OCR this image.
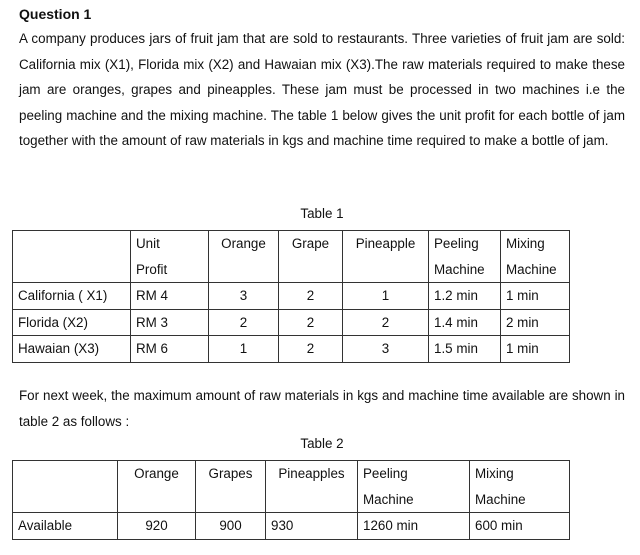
Question 1

A company produces jars of fruit jam that are sold to restaurants. Three varieties of fruit jam are sold: California mix (X1), Florida mix (X2) and Hawaian mix (X3).The raw materials required to make these jam are oranges, grapes and pineapples. These jam must be processed in two machines i.e the peeling machine and the mixing machine. The table 1 below gives the unit profit for each bottle of jam together with the amount of raw materials in kgs and machine time required to make a bottle of jam.

Table 1
	Unit	Orange	Grape	Pineapple	Peeling	Mixing
	Profit				Machine	Machine
California ( X1)	RM 4	3	2	1	1.2 min	1 min
Florida (X2)	RM 3	2	2	2	1.4 min	2 min
Hawaian (X3)	RM 6	1	2	3	1.5 min	1 min

For next week, the maximum amount of raw materials in kgs and machine time available are shown in table 2 as follows :

Table 2
	Orange	Grapes	Pineapples	Peeling	Mixing
				Machine	Machine
Available	920	900	930	1260 min	600 min
